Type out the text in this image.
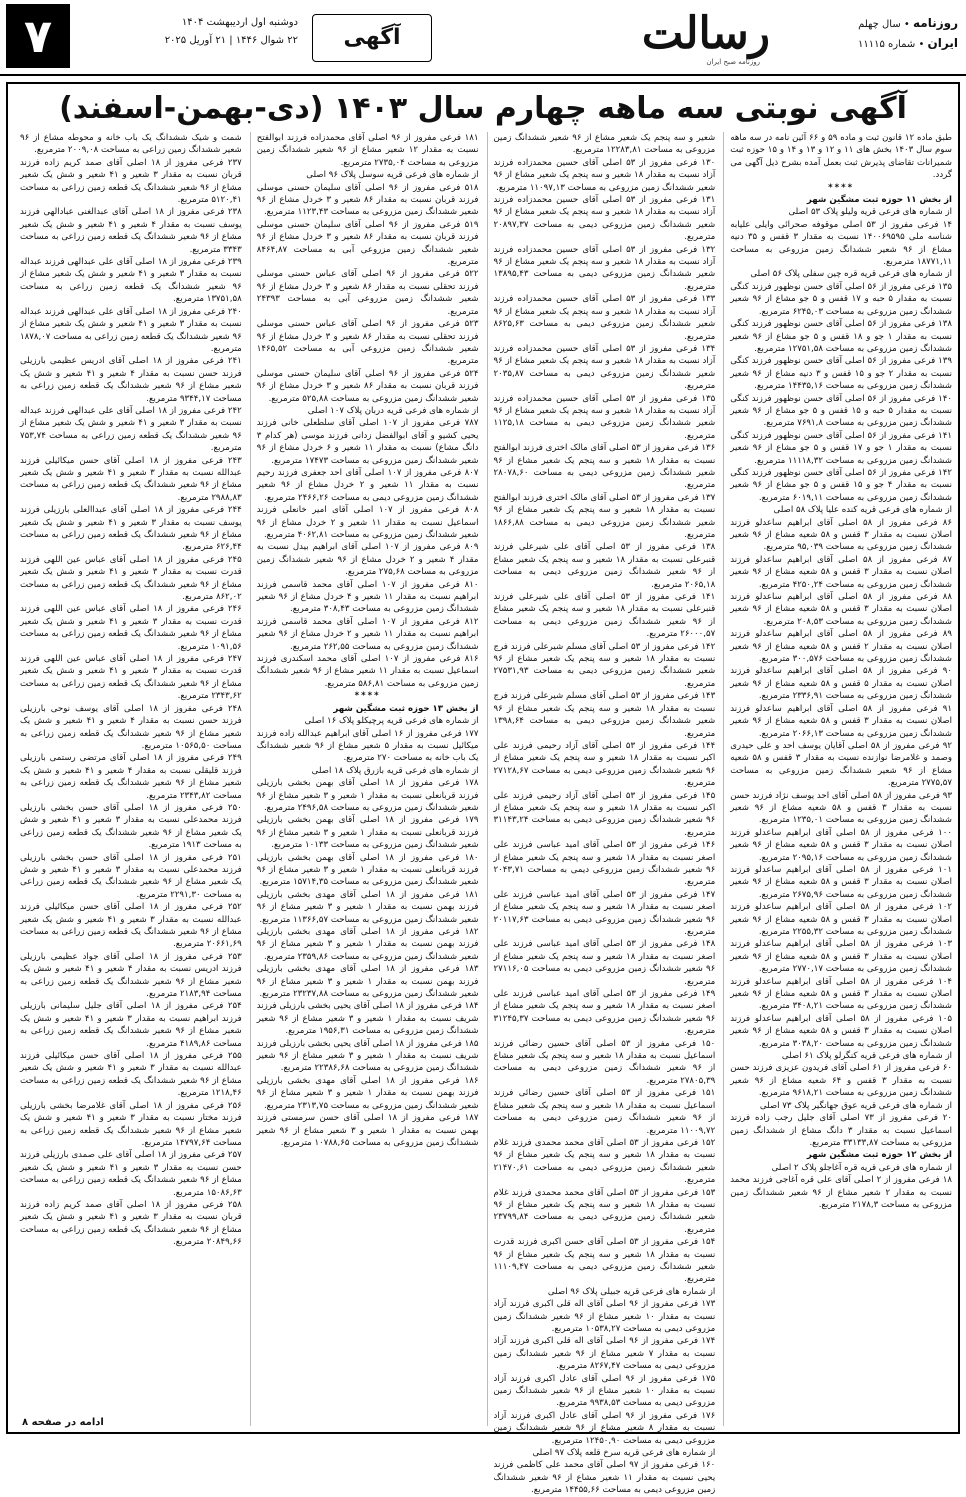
۷	دوشنبه اول اردیبهشت ۱۴۰۴
۲۲ شوال ۱۴۴۶ | ۲۱ آوریل ۲۰۲۵	آگهی	رسالت
روزنامه صبح ایران
روزنامه • سال چهلم
ایران • شماره ۱۱۱۱۵
آگهی نوبتی سه ماهه چهارم سال ۱۴۰۳ (دی-بهمن-اسفند)

طبق ماده ۱۲ قانون ثبت و ماده ۵۹ و ۶۶ آئین نامه در سه ماهه سوم سال ۱۴۰۳ بخش های ۱۱ و ۱۲ و ۱۳ و ۱۴ و ۱۵ حوزه ثبت شمیرانات تقاضای پذیرش ثبت بعمل آمده بشرح ذیل آگهی می گردد.

****

از بخش ۱۱ حوزه ثبت مشگین شهر

از شماره های فرعی قریه ولیلو پلاک ۵۳ اصلی

۱۴ فرعی مفروز از ۵۳ اصلی موقوفه صحرائی وایلی علیابه شناسه ملی ۱۴۰۰۶۹۵۹۵ نسبت به مقدار ۳ قفس و ۳۵ دنیه مشاع از ۹۶ شعیر ششدانگ زمین مزروعی به مساحت ۱۸۷۷۱,۱۱ مترمربع.

از شماره های فرعی قریه قره چین سفلی پلاک ۵۶ اصلی

۱۳۵ فرعی مفروز از ۵۶ اصلی آقای حسن نوظهور فرزند کنگی نسبت به مقدار ۵ حبه و ۱۷ قفس و ۵ جو مشاع از ۹۶ شعیر ششدانگ زمین مزروعی به مساحت ۶۲۴۵,۰۳ مترمربع.

۱۳۸ فرعی مفروز از ۵۶ اصلی آقای حسن نوظهور فرزند کنگی نسبت به مقدار ۱ جو و ۱۸ قفس و ۵ جو مشاع از ۹۶ شعیر ششدانگ زمین مزروعی به مساحت ۱۲۷۵۱,۵۸ مترمربع.

۱۳۹ فرعی مفروز از ۵۶ اصلی آقای حسن نوظهور فرزند کنگی نسبت به مقدار ۲ جو و ۱۵ قفس و ۳ دنیه مشاع از ۹۶ شعیر ششدانگ زمین مزروعی به مساحت ۱۴۴۳۵,۱۶ مترمربع.

۱۴۰ فرعی مفروز از ۵۶ اصلی آقای حسن نوظهور فرزند کنگی نسبت به مقدار ۵ حبه و ۱۵ قفس و ۵ جو مشاع از ۹۶ شعیر ششدانگ زمین مزروعی به مساحت ۷۶۹۱,۸ مترمربع.

۱۴۱ فرعی مفروز از ۵۶ اصلی آقای حسن نوظهور فرزند کنگی نسبت به مقدار ۱ جو و ۱۷ قفس و ۵ جو مشاع از ۹۶ شعیر ششدانگ زمین مزروعی به مساحت ۱۱۱۱۸,۳۲ مترمربع.

۱۴۲ فرعی مفروز از ۵۶ اصلی آقای حسن نوظهور فرزند کنگی نسبت به مقدار ۴ جو و ۱۵ قفس و ۵ جو مشاع از ۹۶ شعیر ششدانگ زمین مزروعی به مساحت ۶۰۱۹,۱۱ مترمربع.

از شماره های فرعی قریه کنده علیا پلاک ۵۸ اصلی

۸۶ فرعی مفروز از ۵۸ اصلی آقای ابراهیم ساعدلو فرزند اصلان نسبت به مقدار ۳ قفس و ۵۸ شعیه مشاع از ۹۶ شعیر ششدانگ زمین مزروعی به مساحت ۹۵,۰۳۹ مترمربع.

۸۷ فرعی مفروز از ۵۸ اصلی آقای ابراهیم ساعدلو فرزند اصلان نسبت به مقدار ۳ قفس و ۵۸ شعیه مشاع از ۹۶ شعیر ششدانگ زمین مزروعی به مساحت ۴۲۵۰,۲۴ مترمربع.

۸۸ فرعی مفروز از ۵۸ اصلی آقای ابراهیم ساعدلو فرزند اصلان نسبت به مقدار ۳ قفس و ۵۸ شعیه مشاع از ۹۶ شعیر ششدانگ زمین مزروعی به مساحت ۲۰۸,۵۳ مترمربع.

۸۹ فرعی مفروز از ۵۸ اصلی آقای ابراهیم ساعدلو فرزند اصلان نسبت به مقدار ۲ قفس و ۵۸ شعیه مشاع از ۹۶ شعیر ششدانگ زمین مزروعی به مساحت ۳۰۰,۵۷۶ مترمربع.

۹۰ فرعی مفروز از ۵۸ اصلی آقای ابراهیم ساعدلو فرزند اصلان نسبت به مقدار ۵ قفس و ۵۸ شعیه مشاع از ۹۶ شعیر ششدانگ زمین مزروعی به مساحت ۲۳۳۶,۹۱ مترمربع.

۹۱ فرعی مفروز از ۵۸ اصلی آقای ابراهیم ساعدلو فرزند اصلان نسبت به مقدار ۳ قفس و ۵۸ شعیه مشاع از ۹۶ شعیر ششدانگ زمین مزروعی به مساحت ۲۰۶۶,۱۳ مترمربع.

۹۲ فرعی مفروز از ۵۸ اصلی آقایان یوسف احد و علی حیدری وصمد و غلامرضا نوازنده نسبت به مقدار ۳ قفس و ۵۸ شعیه مشاع از ۹۶ شعیر ششدانگ زمین مزروعی به مساحت ۲۷۷۵,۵۷ مترمربع.

۹۳ فرعی مفروز از ۵۸ اصلی آقای احد یوسف نژاد فرزند حسن نسبت به مقدار ۳ قفس و ۵۸ شعیه مشاع از ۹۶ شعیر ششدانگ زمین مزروعی به مساحت ۱۲۳۵,۰۱ مترمربع.

۱۰۰ فرعی مفروز از ۵۸ اصلی آقای ابراهیم ساعدلو فرزند اصلان نسبت به مقدار ۳ قفس و ۵۸ شعیه مشاع از ۹۶ شعیر ششدانگ زمین مزروعی به مساحت ۲۰۹۵,۱۶ مترمربع.

۱۰۱ فرعی مفروز از ۵۸ اصلی آقای ابراهیم ساعدلو فرزند اصلان نسبت به مقدار ۳ قفس و ۵۸ شعیه مشاع از ۹۶ شعیر ششدانگ زمین مزروعی به مساحت ۲۶۷۵,۹۶ مترمربع.

۱۰۲ فرعی مفروز از ۵۸ اصلی آقای ابراهیم ساعدلو فرزند اصلان نسبت به مقدار ۳ قفس و ۵۸ شعیه مشاع از ۹۶ شعیر ششدانگ زمین مزروعی به مساحت ۲۲۵۵,۳۲ مترمربع.

۱۰۳ فرعی مفروز از ۵۸ اصلی آقای ابراهیم ساعدلو فرزند اصلان نسبت به مقدار ۳ قفس و ۵۸ شعیه مشاع از ۹۶ شعیر ششدانگ زمین مزروعی به مساحت ۲۷۷۰,۱۷ مترمربع.

۱۰۴ فرعی مفروز از ۵۸ اصلی آقای ابراهیم ساعدلو فرزند اصلان نسبت به مقدار ۳ قفس و ۵۸ شعیه مشاع از ۹۶ شعیر ششدانگ زمین مزروعی به مساحت ۳۴۰۸,۲۱ مترمربع.

۱۰۵ فرعی مفروز از ۵۸ اصلی آقای ابراهیم ساعدلو فرزند اصلان نسبت به مقدار ۳ قفس و ۵۸ شعیه مشاع از ۹۶ شعیر ششدانگ زمین مزروعی به مساحت ۳۰۳۸,۲۰ مترمربع.

از شماره های فرعی قریه کنگرلو پلاک ۶۱ اصلی

۶۰ فرعی مفروز از ۶۱ اصلی آقای فریدون عزیزی فرزند حسن نسبت به مقدار ۳ قفس و ۶۴ شعیه مشاع از ۹۶ شعیر ششدانگ زمین مزروعی به مساحت ۹۶۱۸,۲۱ مترمربع.

از شماره های فرعی قریه عوق جهانگیر پلاک ۷۳ اصلی

۲۰ فرعی مفروز از ۷۳ اصلی آقای جلیل رجب زاده فرزند اسماعیل نسبت به مقدار ۳ دانگ مشاع از ششدانگ زمین مزروعی به مساحت ۳۳۱۳۳,۸۷ مترمربع.

از بخش ۱۲ حوزه ثبت مشگین شهر

از شماره های فرعی قریه قره آغاجلو پلاک ۲ اصلی

۱۸ فرعی مفروز از ۲ اصلی آقای علی قره آغاجی فرزند محمد نسبت به مقدار ۲ شعیر مشاع از ۹۶ شعیر ششدانگ زمین مزروعی به مساحت ۲۱۷۸,۳ مترمربع.

شعیر و سه پنجم یک شعیر مشاع از ۹۶ شعیر ششدانگ زمین مزروعی به مساحت ۱۲۲۸۳,۸۱ مترمربع.

۱۳۰ فرعی مفروز از ۵۳ اصلی آقای حسین محمدزاده فرزند آزاد نسبت به مقدار ۱۸ شعیر و سه پنجم یک شعیر مشاع از ۹۶ شعیر ششدانگ زمین مزروعی به مساحت ۱۱۰۹۷,۱۳ مترمربع.

۱۳۱ فرعی مفروز از ۵۳ اصلی آقای حسین محمدزاده فرزند آزاد نسبت به مقدار ۱۸ شعیر و سه پنجم یک شعیر مشاع از ۹۶ شعیر ششدانگ زمین مزروعی دیمی به مساحت ۲۰۸۹۷,۳۷ مترمربع.

۱۳۲ فرعی مفروز از ۵۳ اصلی آقای حسین محمدزاده فرزند آزاد نسبت به مقدار ۱۸ شعیر و سه پنجم یک شعیر مشاع از ۹۶ شعیر ششدانگ زمین مزروعی دیمی به مساحت ۱۳۸۹۵,۴۳ مترمربع.

۱۳۳ فرعی مفروز از ۵۳ اصلی آقای حسین محمدزاده فرزند آزاد نسبت به مقدار ۱۸ شعیر و سه پنجم یک شعیر مشاع از ۹۶ شعیر ششدانگ زمین مزروعی دیمی به مساحت ۸۶۲۵,۶۳ مترمربع.

۱۳۴ فرعی مفروز از ۵۳ اصلی آقای حسین محمدزاده فرزند آزاد نسبت به مقدار ۱۸ شعیر و سه پنجم یک شعیر مشاع از ۹۶ شعیر ششدانگ زمین مزروعی دیمی به مساحت ۲۰۳۵,۸۷ مترمربع.

۱۳۵ فرعی مفروز از ۵۳ اصلی آقای حسین محمدزاده فرزند آزاد نسبت به مقدار ۱۸ شعیر و سه پنجم یک شعیر مشاع از ۹۶ شعیر ششدانگ زمین مزروعی دیمی به مساحت ۱۱۲۵,۱۸ مترمربع.

۱۳۶ فرعی مفروز از ۵۳ اصلی آقای مالک اختری فرزند ابوالفتح نسبت به مقدار ۱۸ شعیر و سه پنجم یک شعیر مشاع از ۹۶ شعیر ششدانگ زمین مزروعی دیمی به مساحت ۲۸۰۷۸,۶۰ مترمربع.

۱۳۷ فرعی مفروز از ۵۳ اصلی آقای مالک اختری فرزند ابوالفتح نسبت به مقدار ۱۸ شعیر و سه پنجم یک شعیر مشاع از ۹۶ شعیر ششدانگ زمین مزروعی دیمی به مساحت ۱۸۶۶,۸۸ مترمربع.

۱۳۸ فرعی مفروز از ۵۳ اصلی آقای علی شیرعلی فرزند قنبرعلی نسبت به مقدار ۱۸ شعیر و سه پنجم یک شعیر مشاع از ۹۶ شعیر ششدانگ زمین مزروعی دیمی به مساحت ۲۰۶۵,۱۸ مترمربع.

۱۴۱ فرعی مفروز از ۵۳ اصلی آقای علی شیرعلی فرزند قنبرعلی نسبت به مقدار ۱۸ شعیر و سه پنجم یک شعیر مشاع از ۹۶ شعیر ششدانگ زمین مزروعی دیمی به مساحت ۲۶۰۰۰,۵۷ مترمربع.

۱۴۲ فرعی مفروز از ۵۳ اصلی آقای مسلم شیرعلی فرزند فرج نسبت به مقدار ۱۸ شعیر و سه پنجم یک شعیر مشاع از ۹۶ شعیر ششدانگ زمین مزروعی دیمی به مساحت ۲۷۵۳۱,۹۳ مترمربع.

۱۴۳ فرعی مفروز از ۵۳ اصلی آقای مسلم شیرعلی فرزند فرج نسبت به مقدار ۱۸ شعیر و سه پنجم یک شعیر مشاع از ۹۶ شعیر ششدانگ زمین مزروعی دیمی به مساحت ۱۳۹۸,۶۴ مترمربع.

۱۴۴ فرعی مفروز از ۵۳ اصلی آقای آزاد رحیمی فرزند علی اکبر نسبت به مقدار ۱۸ شعیر و سه پنجم یک شعیر مشاع از ۹۶ شعیر ششدانگ زمین مزروعی دیمی به مساحت ۲۷۱۲۸,۶۷ مترمربع.

۱۴۵ فرعی مفروز از ۵۳ اصلی آقای آزاد رحیمی فرزند علی اکبر نسبت به مقدار ۱۸ شعیر و سه پنجم یک شعیر مشاع از ۹۶ شعیر ششدانگ زمین مزروعی دیمی به مساحت ۳۱۱۴۳,۲۴ مترمربع.

۱۴۶ فرعی مفروز از ۵۳ اصلی آقای امید عباسی فرزند علی اصغر نسبت به مقدار ۱۸ شعیر و سه پنجم یک شعیر مشاع از ۹۶ شعیر ششدانگ زمین مزروعی دیمی به مساحت ۲۰۴۳,۷۱ مترمربع.

۱۴۷ فرعی مفروز از ۵۳ اصلی آقای امید عباسی فرزند علی اصغر نسبت به مقدار ۱۸ شعیر و سه پنجم یک شعیر مشاع از ۹۶ شعیر ششدانگ زمین مزروعی دیمی به مساحت ۲۰۱۱۷,۶۳ مترمربع.

۱۴۸ فرعی مفروز از ۵۳ اصلی آقای امید عباسی فرزند علی اصغر نسبت به مقدار ۱۸ شعیر و سه پنجم یک شعیر مشاع از ۹۶ شعیر ششدانگ زمین مزروعی دیمی به مساحت ۲۷۱۱۶,۰۵ مترمربع.

۱۴۹ فرعی مفروز از ۵۳ اصلی آقای امید عباسی فرزند علی اصغر نسبت به مقدار ۱۸ شعیر و سه پنجم یک شعیر مشاع از ۹۶ شعیر ششدانگ زمین مزروعی دیمی به مساحت ۳۱۲۴۵,۳۷ مترمربع.

۱۵۰ فرعی مفروز از ۵۳ اصلی آقای حسین رضائی فرزند اسماعیل نسبت به مقدار ۱۸ شعیر و سه پنجم یک شعیر مشاع از ۹۶ شعیر ششدانگ زمین مزروعی دیمی به مساحت ۲۷۸۰۵,۳۹ مترمربع.

۱۵۱ فرعی مفروز از ۵۳ اصلی آقای حسین رضائی فرزند اسماعیل نسبت به مقدار ۱۸ شعیر و سه پنجم یک شعیر مشاع از ۹۶ شعیر ششدانگ زمین مزروعی دیمی به مساحت ۱۱۰۰۹,۷۲ مترمربع.

۱۵۲ فرعی مفروز از ۵۳ اصلی آقای محمد محمدی فرزند غلام نسبت به مقدار ۱۸ شعیر و سه پنجم یک شعیر مشاع از ۹۶ شعیر ششدانگ زمین مزروعی دیمی به مساحت ۲۱۴۷۰,۶۱ مترمربع.

۱۵۳ فرعی مفروز از ۵۳ اصلی آقای محمد محمدی فرزند غلام نسبت به مقدار ۱۸ شعیر و سه پنجم یک شعیر مشاع از ۹۶ شعیر ششدانگ زمین مزروعی دیمی به مساحت ۲۳۷۹۹,۸۴ مترمربع.

۱۵۴ فرعی مفروز از ۵۳ اصلی آقای حسن اکبری فرزند قدرت نسبت به مقدار ۱۸ شعیر و سه پنجم یک شعیر مشاع از ۹۶ شعیر ششدانگ زمین مزروعی دیمی به مساحت ۱۱۱۰۹,۴۷ مترمربع.

از شماره های فرعی قریه جبیلی پلاک ۹۶ اصلی

۱۷۳ فرعی مفروز از ۹۶ اصلی آقای اله قلی اکبری فرزند آزاد نسبت به مقدار ۱۰ شعیر مشاع از ۹۶ شعیر ششدانگ زمین مزروعی دیمی به مساحت ۱۰۵۳۸,۲۷ مترمربع.

۱۷۴ فرعی مفروز از ۹۶ اصلی آقای اله قلی اکبری فرزند آزاد نسبت به مقدار ۷ شعیر مشاع از ۹۶ شعیر ششدانگ زمین مزروعی دیمی به مساحت ۸۲۶۷,۴۷ مترمربع.

۱۷۵ فرعی مفروز از ۹۶ اصلی آقای عادل اکبری فرزند آزاد نسبت به مقدار ۱۰ شعیر مشاع از ۹۶ شعیر ششدانگ زمین مزروعی دیمی به مساحت ۹۹۳۸,۵۳ مترمربع.

۱۷۶ فرعی مفروز از ۹۶ اصلی آقای عادل اکبری فرزند آزاد نسبت به مقدار ۸ شعیر مشاع از ۹۶ شعیر ششدانگ زمین مزروعی دیمی به مساحت ۱۲۴۵۰,۹۰ مترمربع.

از شماره های فرعی قریه سرخ قلعه پلاک ۹۷ اصلی

۱۶۰ فرعی مفروز از ۹۷ اصلی آقای محمد علی کاظمی فرزند یحیی نسبت به مقدار ۱۱ شعیر مشاع از ۹۶ شعیر ششدانگ زمین مزروعی دیمی به مساحت ۱۴۴۵۵,۶۶ مترمربع.

۱۸۱ فرعی مفروز از ۹۶ اصلی آقای محمدزاده فرزند ابوالفتح نسبت به مقدار ۱۲ شعیر مشاع از ۹۶ شعیر ششدانگ زمین مزروعی به مساحت ۲۷۳۵,۰۴ مترمربع.

از شماره های فرعی قریه سوسل پلاک ۹۶ اصلی

۵۱۸ فرعی مفروز از ۹۶ اصلی آقای سلیمان حسنی موسلی فرزند قربان نسبت به مقدار ۸۶ شعیر و ۳ خردل مشاع از ۹۶ شعیر ششدانگ زمین مزروعی به مساحت ۱۱۲۳,۴۳ مترمربع.

۵۱۹ فرعی مفروز از ۹۶ اصلی آقای سلیمان حسنی موسلی فرزند قربان نسبت به مقدار ۸۶ شعیر و ۳ خردل مشاع از ۹۶ شعیر ششدانگ زمین مزروعی آبی به مساحت ۸۴۶۴,۸۷ مترمربع.

۵۲۲ فرعی مفروز از ۹۶ اصلی آقای عباس حسنی موسلی فرزند تحقلی نسبت به مقدار ۸۶ شعیر و ۳ خردل مشاع از ۹۶ شعیر ششدانگ زمین مزروعی آبی به مساحت ۲۴۳۹۳ مترمربع.

۵۲۳ فرعی مفروز از ۹۶ اصلی آقای عباس حسنی موسلی فرزند تحقلی نسبت به مقدار ۸۶ شعیر و ۳ خردل مشاع از ۹۶ شعیر ششدانگ زمین مزروعی آبی به مساحت ۱۴۶۵,۵۲ مترمربع.

۵۲۴ فرعی مفروز از ۹۶ اصلی آقای سلیمان حسنی موسلی فرزند قربان نسبت به مقدار ۸۶ شعیر و ۳ خردل مشاع از ۹۶ شعیر ششدانگ زمین مزروعی به مساحت ۵۲۵,۸۸ مترمربع.

از شماره های فرعی قریه دربان پلاک ۱۰۷ اصلی

۷۸۷ فرعی مفروز از ۱۰۷ اصلی آقای سلطعلی خانی فرزند یحیی کشیو و آقای ابوالفضل زدانی فرزند موسی (هر کدام ۳ دانگ مشاع) نسبت به مقدار ۱۱ شعیر و ۶ خردل مشاع از ۹۶ شعیر ششدانگ زمین مزروعی به مساحت ۱۷۴۷۳ مترمربع.

۸۰۷ فرعی مفروز از ۱۰۷ اصلی آقای احد جعفری فرزند رحیم نسبت به مقدار ۱۱ شعیر و ۲ خردل مشاع از ۹۶ شعیر ششدانگ زمین مزروعی دیمی به مساحت ۲۴۶۶,۲۶ مترمربع.

۸۰۸ فرعی مفروز از ۱۰۷ اصلی آقای امیر خانعلی فرزند اسماعیل نسبت به مقدار ۱۱ شعیر و ۲ خردل مشاع از ۹۶ شعیر ششدانگ زمین مزروعی به مساحت ۴۰۶۲,۸۱ مترمربع.

۸۰۹ فرعی مفروز از ۱۰۷ اصلی آقای ابراهیم بیدل نسبت به مقدار ۴ شعیر و ۲ خردل مشاع از ۹۶ شعیر ششدانگ زمین مزروعی به مساحت ۲۷۵,۶۸ مترمربع.

۸۱۰ فرعی مفروز از ۱۰۷ اصلی آقای محمد قاسمی فرزند ابراهیم نسبت به مقدار ۱۱ شعیر و ۴ خردل مشاع از ۹۶ شعیر ششدانگ زمین مزروعی به مساحت ۳۰۸,۴۳ مترمربع.

۸۱۲ فرعی مفروز از ۱۰۷ اصلی آقای محمد قاسمی فرزند ابراهیم نسبت به مقدار ۱۱ شعیر و ۲ خردل مشاع از ۹۶ شعیر ششدانگ زمین مزروعی به مساحت ۲۶۲,۵۵ مترمربع.

۸۱۶ فرعی مفروز از ۱۰۷ اصلی آقای محمد اسکندری فرزند اسماعیل نسبت به مقدار ۱۱ شعیر مشاع از ۹۶ شعیر ششدانگ زمین مزروعی به مساحت ۵۸۶,۸۱ مترمربع.

****

از بخش ۱۳ حوزه ثبت مشگین شهر

از شماره های فرعی قریه پرچیکلو پلاک ۱۶ اصلی

۱۷۷ فرعی مفروز از ۱۶ اصلی آقای ابراهیم عبدالله زاده فرزند میکائیل نسبت به مقدار ۵ شعیر مشاع از ۹۶ شعیر ششدانگ یک باب خانه به مساحت ۲۷۰ مترمربع.

از شماره های فرعی قریه بازرق پلاک ۱۸ اصلی

۱۷۸ فرعی مفروز از ۱۸ اصلی آقای بهمن بخشی بارزیلی فرزند قربانعلی نسبت به مقدار ۱ شعیر و ۳ شعیر مشاع از ۹۶ شعیر ششدانگ زمین مزروعی به مساحت ۲۴۹۶,۵۸ مترمربع.

۱۷۹ فرعی مفروز از ۱۸ اصلی آقای بهمن بخشی بارزیلی فرزند قربانعلی نسبت به مقدار ۱ شعیر و ۳ شعیر مشاع از ۹۶ شعیر ششدانگ زمین مزروعی به مساحت ۱۰۱۳۳ مترمربع.

۱۸۰ فرعی مفروز از ۱۸ اصلی آقای بهمن بخشی بارزیلی فرزند قربانعلی نسبت به مقدار ۱ شعیر و ۳ شعیر مشاع از ۹۶ شعیر ششدانگ زمین مزروعی به مساحت ۱۵۷۱۴,۳۵ مترمربع.

۱۸۱ فرعی مفروز از ۱۸ اصلی آقای مهدی بخشی بارزیلی فرزند بهمن نسبت به مقدار ۱ شعیر و ۳ شعیر مشاع از ۹۶ شعیر ششدانگ زمین مزروعی به مساحت ۱۱۳۶۶,۵۷ مترمربع.

۱۸۲ فرعی مفروز از ۱۸ اصلی آقای مهدی بخشی بارزیلی فرزند بهمن نسبت به مقدار ۱ شعیر و ۳ شعیر مشاع از ۹۶ شعیر ششدانگ زمین مزروعی به مساحت ۲۳۵۹,۸۶ مترمربع.

۱۸۳ فرعی مفروز از ۱۸ اصلی آقای مهدی بخشی بارزیلی فرزند بهمن نسبت به مقدار ۱ شعیر و ۳ شعیر مشاع از ۹۶ شعیر ششدانگ زمین مزروعی به مساحت ۲۳۲۳۷,۸۸ مترمربع.

۱۸۴ فرعی مفروز از ۱۸ اصلی آقای یحیی بخشی بارزیلی فرزند شریف نسبت به مقدار ۱ شعیر و ۳ شعیر مشاع از ۹۶ شعیر ششدانگ زمین مزروعی به مساحت ۱۹۵۶,۳۱ مترمربع.

۱۸۵ فرعی مفروز از ۱۸ اصلی آقای یحیی بخشی بارزیلی فرزند شریف نسبت به مقدار ۱ شعیر و ۳ شعیر مشاع از ۹۶ شعیر ششدانگ زمین مزروعی به مساحت ۲۲۳۸۶,۶۸ مترمربع.

۱۸۶ فرعی مفروز از ۱۸ اصلی آقای مهدی بخشی بارزیلی فرزند بهمن نسبت به مقدار ۱ شعیر و ۳ شعیر مشاع از ۹۶ شعیر ششدانگ زمین مزروعی به مساحت ۲۳۱۳,۷۵ مترمربع.

۱۸۷ فرعی مفروز از ۱۸ اصلی آقای حسن سرمستی فرزند بهمن نسبت به مقدار ۱ شعیر و ۳ شعیر مشاع از ۹۶ شعیر ششدانگ زمین مزروعی به مساحت ۱۰۷۸۸,۶۵ مترمربع.

شمت و شیک ششدانگ یک باب خانه و محوطه مشاع از ۹۶ شعیر ششدانگ زمین زراعی به مساحت ۲۰۰۹,۰۸ مترمربع.

۲۳۷ فرعی مفروز از ۱۸ اصلی آقای صمد کریم زاده فرزند قربان نسبت به مقدار ۳ شعیر و ۴۱ شعیر و شش یک شعیر مشاع از ۹۶ شعیر ششدانگ یک قطعه زمین زراعی به مساحت ۵۱۲۰,۴۱ مترمربع.

۲۳۸ فرعی مفروز از ۱۸ اصلی آقای عبدالغنی عبادالهی فرزند یوسف نسبت به مقدار ۴ شعیر و ۴۱ شعیر و شش یک شعیر مشاع از ۹۶ شعیر ششدانگ یک قطعه زمین زراعی به مساحت ۳۳۴۳ مترمربع.

۲۳۹ فرعی مفروز از ۱۸ اصلی آقای علی عبدالهی فرزند عبداله نسبت به مقدار ۳ شعیر و ۴۱ شعیر و شش یک شعیر مشاع از ۹۶ شعیر ششدانگ یک قطعه زمین زراعی به مساحت ۱۳۷۵۱,۵۸ مترمربع.

۲۴۰ فرعی مفروز از ۱۸ اصلی آقای علی عبدالهی فرزند عبداله نسبت به مقدار ۳ شعیر و ۴۱ شعیر و شش یک شعیر مشاع از ۹۶ شعیر ششدانگ یک قطعه زمین زراعی به مساحت ۱۸۷۸,۰۷ مترمربع.

۲۴۱ فرعی مفروز از ۱۸ اصلی آقای ادریس عظیمی بارزیلی فرزند حسن نسبت به مقدار ۴ شعیر و ۴۱ شعیر و شش یک شعیر مشاع از ۹۶ شعیر ششدانگ یک قطعه زمین زراعی به مساحت ۹۳۴۴,۱۷ مترمربع.

۲۴۲ فرعی مفروز از ۱۸ اصلی آقای علی عبدالهی فرزند عبداله نسبت به مقدار ۳ شعیر و ۴۱ شعیر و شش یک شعیر مشاع از ۹۶ شعیر ششدانگ یک قطعه زمین زراعی به مساحت ۷۵۳,۷۴ مترمربع.

۲۴۳ فرعی مفروز از ۱۸ اصلی آقای حسن میکائیلی فرزند عبدالله نسبت به مقدار ۳ شعیر و ۴۱ شعیر و شش یک شعیر مشاع از ۹۶ شعیر ششدانگ یک قطعه زمین زراعی به مساحت ۲۹۸۸,۸۳ مترمربع.

۲۴۴ فرعی مفروز از ۱۸ اصلی آقای عبداالعلی بارزیلی فرزند یوسف نسبت به مقدار ۳ شعیر و ۴۱ شعیر و شش یک شعیر مشاع از ۹۶ شعیر ششدانگ یک قطعه زمین زراعی به مساحت ۶۲۶,۴۴ مترمربع.

۲۴۵ فرعی مفروز از ۱۸ اصلی آقای عباس عین اللهی فرزند قدرت نسبت به مقدار ۳ شعیر و ۴۱ شعیر و شش یک شعیر مشاع از ۹۶ شعیر ششدانگ یک قطعه زمین زراعی به مساحت ۸۶۲,۰۲ مترمربع.

۲۴۶ فرعی مفروز از ۱۸ اصلی آقای عباس عین اللهی فرزند قدرت نسبت به مقدار ۳ شعیر و ۴۱ شعیر و شش یک شعیر مشاع از ۹۶ شعیر ششدانگ یک قطعه زمین زراعی به مساحت ۱۰۹۱,۵۶ مترمربع.

۲۴۷ فرعی مفروز از ۱۸ اصلی آقای عباس عین اللهی فرزند قدرت نسبت به مقدار ۳ شعیر و ۴۱ شعیر و شش یک شعیر مشاع از ۹۶ شعیر ششدانگ یک قطعه زمین زراعی به مساحت ۲۳۴۳,۶۲ مترمربع.

۲۴۸ فرعی مفروز از ۱۸ اصلی آقای یوسف نوحی بارزیلی فرزند حسن نسبت به مقدار ۴ شعیر و ۴۱ شعیر و شش یک شعیر مشاع از ۹۶ شعیر ششدانگ یک قطعه زمین زراعی به مساحت ۱۰۵۶۵,۵۰ مترمربع.

۲۴۹ فرعی مفروز از ۱۸ اصلی آقای مرتضی رستمی بارزیلی فرزند قلیقلی نسبت به مقدار ۴ شعیر و ۴۱ شعیر و شش یک شعیر مشاع از ۹۶ شعیر ششدانگ یک قطعه زمین زراعی به مساحت ۲۳۴۳,۸۲ مترمربع.

۲۵۰ فرعی مفروز از ۱۸ اصلی آقای حسن بخشی بارزیلی فرزند محمدعلی نسبت به مقدار ۳ شعیر و ۴۱ شعیر و شش یک شعیر مشاع از ۹۶ شعیر ششدانگ یک قطعه زمین زراعی به مساحت ۱۹۱۳ مترمربع.

۲۵۱ فرعی مفروز از ۱۸ اصلی آقای حسن بخشی بارزیلی فرزند محمدعلی نسبت به مقدار ۳ شعیر و ۴۱ شعیر و شش یک شعیر مشاع از ۹۶ شعیر ششدانگ یک قطعه زمین زراعی به مساحت ۲۲۹۱,۳۰ مترمربع.

۲۵۲ فرعی مفروز از ۱۸ اصلی آقای حسن میکائیلی فرزند عبدالله نسبت به مقدار ۳ شعیر و ۴۱ شعیر و شش یک شعیر مشاع از ۹۶ شعیر ششدانگ یک قطعه زمین زراعی به مساحت ۲۰۶۶۱,۶۹ مترمربع.

۲۵۳ فرعی مفروز از ۱۸ اصلی آقای جواد عظیمی بارزیلی فرزند ادریس نسبت به مقدار ۴ شعیر و ۴۱ شعیر و شش یک شعیر مشاع از ۹۶ شعیر ششدانگ یک قطعه زمین زراعی به مساحت ۲۱۸۳,۹۴ مترمربع.

۲۵۴ فرعی مفروز از ۱۸ اصلی آقای جلیل سلیمانی بارزیلی فرزند ابراهیم نسبت به مقدار ۳ شعیر و ۴۱ شعیر و شش یک شعیر مشاع از ۹۶ شعیر ششدانگ یک قطعه زمین زراعی به مساحت ۴۱۸۹,۸۶ مترمربع.

۲۵۵ فرعی مفروز از ۱۸ اصلی آقای حسن میکائیلی فرزند عبدالله نسبت به مقدار ۳ شعیر و ۴۱ شعیر و شش یک شعیر مشاع از ۹۶ شعیر ششدانگ یک قطعه زمین زراعی به مساحت ۱۲۱۸,۴۶ مترمربع.

۲۵۶ فرعی مفروز از ۱۸ اصلی آقای غلامرضا بخشی بارزیلی فرزند مختار نسبت به مقدار ۳ شعیر و ۴۱ شعیر و شش یک شعیر مشاع از ۹۶ شعیر ششدانگ یک قطعه زمین زراعی به مساحت ۱۴۷۹۷,۶۴ مترمربع.

۲۵۷ فرعی مفروز از ۱۸ اصلی آقای علی صمدی بارزیلی فرزند حسن نسبت به مقدار ۳ شعیر و ۴۱ شعیر و شش یک شعیر مشاع از ۹۶ شعیر ششدانگ یک قطعه زمین زراعی به مساحت ۱۵۰۸۶,۶۳ مترمربع.

۲۵۸ فرعی مفروز از ۱۸ اصلی آقای صمد کریم زاده فرزند قربان نسبت به مقدار ۳ شعیر و ۴۱ شعیر و شش یک شعیر مشاع از ۹۶ شعیر ششدانگ یک قطعه زمین زراعی به مساحت ۲۰۸۴۹,۶۶ مترمربع.

ادامه در صفحه ۸
